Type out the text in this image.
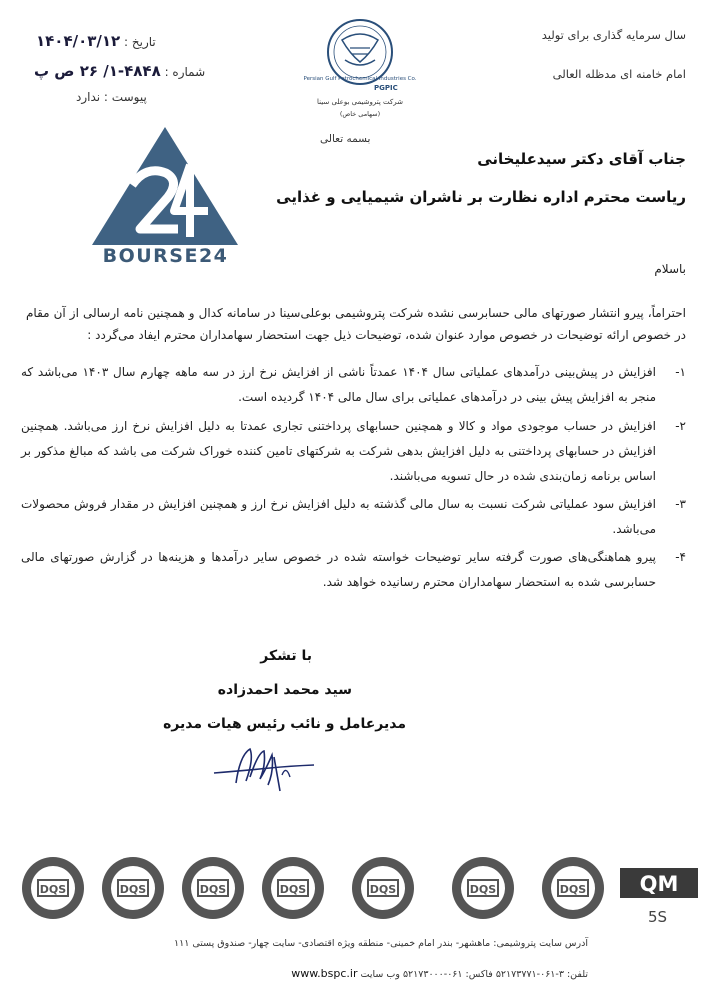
تاریخ : ۱۴۰۴/۰۳/۱۲
شماره : ۴۸۴۸-۱/ ۲۶ ص پ
پیوست : ندارد
سال سرمایه گذاری برای تولید
امام خامنه ای مدظله العالی
Persian Gulf Petrochemical Industries Co.
PGPIC
شرکت پتروشیمی بوعلی سینا
(سهامی خاص)
بسمه تعالی
جناب آقای دکتر سیدعلیخانی
ریاست محترم اداره نظارت بر ناشران شیمیایی و غذایی
BOURSE24
باسلام
احتراماً، پیرو انتشار صورتهای مالی حسابرسی نشده شرکت پتروشیمی بوعلی‌سینا در سامانه کدال و همچنین نامه ارسالی از آن مقام در خصوص ارائه توضیحات در خصوص موارد عنوان شده، توضیحات ذیل جهت استحضار سهامداران محترم ایفاد می‌گردد :
۱-
افزایش در پیش‌بینی درآمدهای عملیاتی سال ۱۴۰۴ عمدتاً ناشی از افزایش نرخ ارز در سه ماهه چهارم سال ۱۴۰۳ می‌باشد که منجر به افزایش پیش بینی در درآمدهای عملیاتی برای سال مالی ۱۴۰۴ گردیده است.
۲-
افزایش در حساب موجودی مواد و کالا و همچنین حسابهای پرداختنی تجاری عمدتا به دلیل افزایش نرخ ارز می‌باشد. همچنین افزایش در حسابهای پرداختنی به دلیل افزایش بدهی شرکت به شرکتهای تامین کننده خوراک شرکت می باشد که مبالغ مذکور بر اساس برنامه زمان‌بندی شده در حال تسویه می‌باشند.
۳-
افزایش سود عملیاتی شرکت نسبت به سال مالی گذشته به دلیل افزایش نرخ ارز و همچنین افزایش در مقدار فروش محصولات می‌باشد.
۴-
پیرو هماهنگی‌های صورت گرفته سایر توضیحات خواسته شده در خصوص سایر درآمدها و هزینه‌ها در گزارش صورتهای مالی حسابرسی شده به استحضار سهامداران محترم رسانیده خواهد شد.
با تشکر
سید محمد احمدزاده
مدیرعامل و نائب رئیس هیات مدیره
DQS	DQS	DQS	DQS	DQS	DQS	DQS	QM
5S
آدرس سایت پتروشیمی: ماهشهر- بندر امام خمینی- منطقه ویژه اقتصادی- سایت چهار- صندوق پستی ۱۱۱
تلفن: ۳-۰۶۱-۵۲۱۷۳۷۷۱ فاکس: ۰۶۱-۵۲۱۷۳۰۰۰ وب سایت www.bspc.ir
